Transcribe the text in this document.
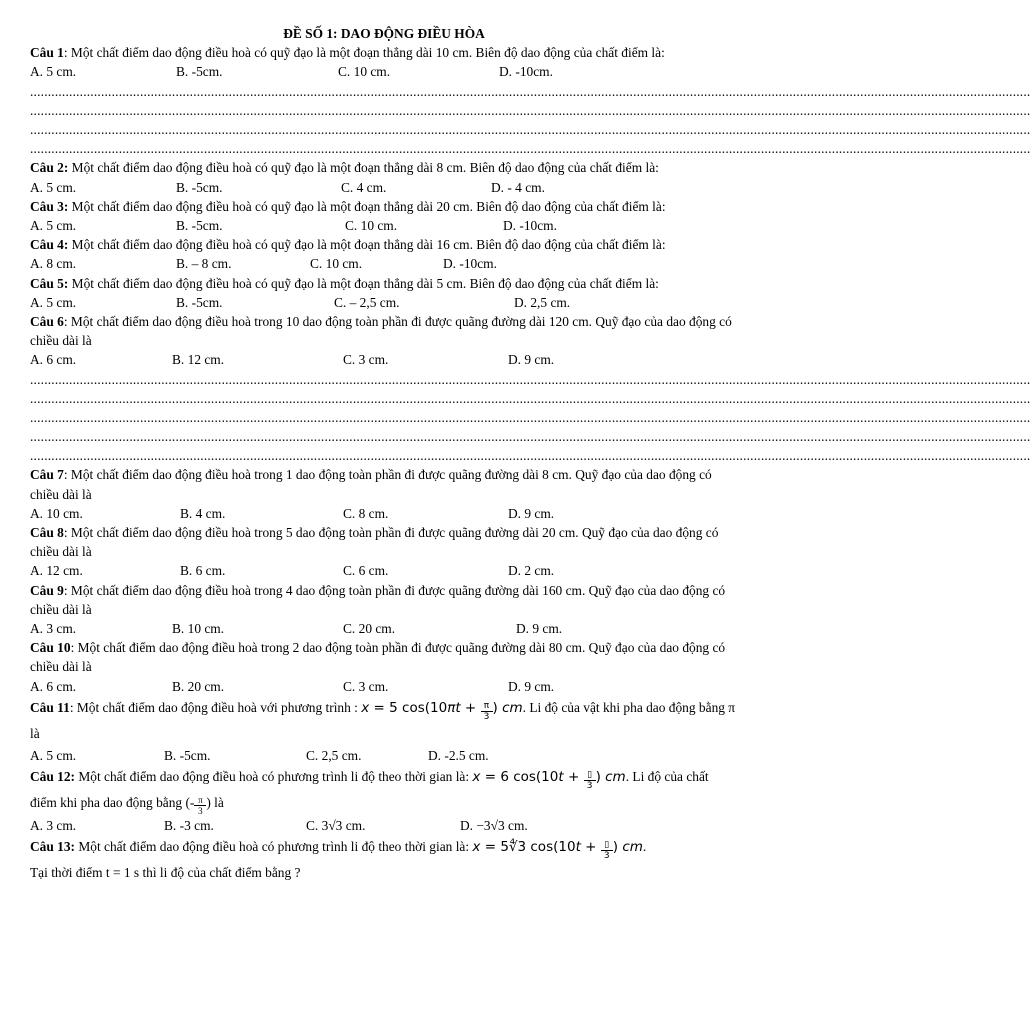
ĐỀ SỐ 1: DAO ĐỘNG ĐIỀU HÒA

Câu 1: Một chất điểm dao động điều hoà có quỹ đạo là một đoạn thẳng dài 10 cm. Biên độ dao động của chất điểm là:

A. 5 cm.	B. -5cm.	C. 10 cm.	D. -10cm.
..........................................................................................................................................................................................................................................................................................
..........................................................................................................................................................................................................................................................................................
..........................................................................................................................................................................................................................................................................................
..........................................................................................................................................................................................................................................................................................

Câu 2: Một chất điểm dao động điều hoà có quỹ đạo là một đoạn thẳng dài 8 cm. Biên độ dao động của chất điểm là:

A. 5 cm.	B. -5cm.	C. 4 cm.	D. - 4 cm.

Câu 3: Một chất điểm dao động điều hoà có quỹ đạo là một đoạn thẳng dài 20 cm. Biên độ dao động của chất điểm là:

A. 5 cm.	B. -5cm.	C. 10 cm.	D. -10cm.

Câu 4: Một chất điểm dao động điều hoà có quỹ đạo là một đoạn thẳng dài 16 cm. Biên độ dao động của chất điểm là:

A. 8 cm.	B. – 8 cm.	C. 10 cm.	D. -10cm.

Câu 5: Một chất điểm dao động điều hoà có quỹ đạo là một đoạn thẳng dài 5 cm. Biên độ dao động của chất điểm là:

A. 5 cm.	B. -5cm.	C. – 2,5 cm.	D. 2,5 cm.

Câu 6: Một chất điểm dao động điều hoà trong 10 dao động toàn phần đi được quãng đường dài 120 cm. Quỹ đạo của dao động có chiều dài là

A. 6 cm.	B. 12 cm.	C. 3 cm.	D. 9 cm.
..........................................................................................................................................................................................................................................................................................
..........................................................................................................................................................................................................................................................................................
..........................................................................................................................................................................................................................................................................................
..........................................................................................................................................................................................................................................................................................
..........................................................................................................................................................................................................................................................................................

Câu 7: Một chất điểm dao động điều hoà trong 1 dao động toàn phần đi được quãng đường dài 8 cm. Quỹ đạo của dao động có chiều dài là

A. 10 cm.	B. 4 cm.	C. 8 cm.	D. 9 cm.

Câu 8: Một chất điểm dao động điều hoà trong 5 dao động toàn phần đi được quãng đường dài 20 cm. Quỹ đạo của dao động có chiều dài là

A. 12 cm.	B. 6 cm.	C. 6 cm.	D. 2 cm.

Câu 9: Một chất điểm dao động điều hoà trong 4 dao động toàn phần đi được quãng đường dài 160 cm. Quỹ đạo của dao động có chiều dài là

A. 3 cm.	B. 10 cm.	C. 20 cm.	D. 9 cm.

Câu 10: Một chất điểm dao động điều hoà trong 2 dao động toàn phần đi được quãng đường dài 80 cm. Quỹ đạo của dao động có chiều dài là

A. 6 cm.	B. 20 cm.	C. 3 cm.	D. 9 cm.

Câu 11: Một chất điểm dao động điều hoà với phương trình : x = 5 $\cos(10\pi t + \frac{\pi}{3}$ ) cm. Li độ của vật khi pha dao động bằng π là

A. 5 cm.	B. -5cm.	C. 2,5 cm.	D. -2.5 cm.

Câu 12: Một chất điểm dao động điều hoà có phương trình li độ theo thời gian là: x = 6 $\cos(10t + \frac{▯}{3}$ ) cm. Li độ của chất điểm khi pha dao động bằng (- $\frac{\pi}{3}$ ) là

A. 3 cm.	B. -3 cm.	C. 3√3 cm.	D. −3√3 cm.

Câu 13: Một chất điểm dao động điều hoà có phương trình li độ theo thời gian là: x = 5∜3 $\cos(10t + \frac{▯}{3}$ ) cm.

Tại thời điểm t = 1 s thì li độ của chất điểm bằng ?
